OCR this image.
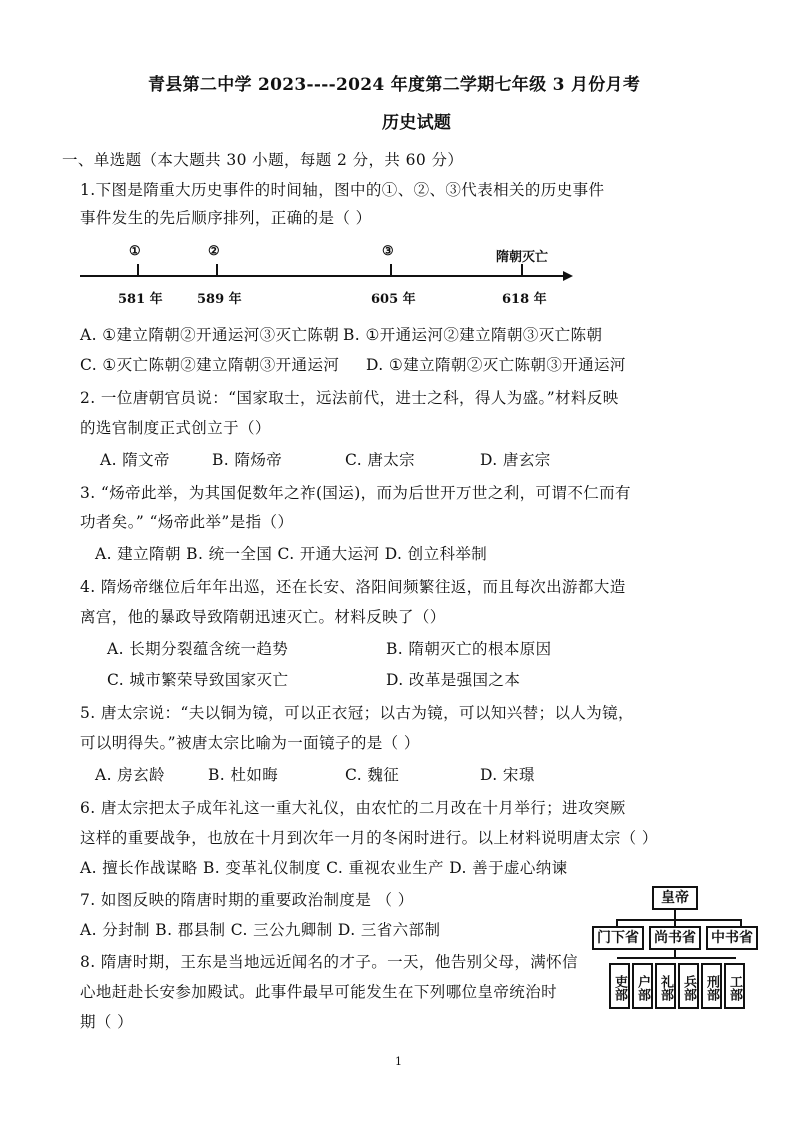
青县第二中学 2023----2024 年度第二学期七年级 3 月份月考
历史试题
一、单选题（本大题共 30 小题，每题 2 分，共 60 分）
1.下图是隋重大历史事件的时间轴，图中的①、②、③代表相关的历史事件
事件发生的先后顺序排列，正确的是（ ）
①	②	③	隋朝灭亡
581 年	589 年	605 年	618 年
A. ①建立隋朝②开通运河③灭亡陈朝 B. ①开通运河②建立隋朝③灭亡陈朝
C. ①灭亡陈朝②建立隋朝③开通运河 D. ①建立隋朝②灭亡陈朝③开通运河
2. 一位唐朝官员说：“国家取士，远法前代，进士之科，得人为盛。”材料反映
的选官制度正式创立于（）
A. 隋文帝	B. 隋炀帝	C. 唐太宗	D. 唐玄宗
3. “炀帝此举，为其国促数年之祚(国运)，而为后世开万世之利，可谓不仁而有
功者矣。” “炀帝此举”是指（）
A. 建立隋朝 B. 统一全国 C. 开通大运河 D. 创立科举制
4. 隋炀帝继位后年年出巡，还在长安、洛阳间频繁往返，而且每次出游都大造
离宫，他的暴政导致隋朝迅速灭亡。材料反映了（）
A. 长期分裂蕴含统一趋势	B. 隋朝灭亡的根本原因
C. 城市繁荣导致国家灭亡	D. 改革是强国之本
5. 唐太宗说：“夫以铜为镜，可以正衣冠；以古为镜，可以知兴替；以人为镜，
可以明得失。”被唐太宗比喻为一面镜子的是（ ）
A. 房玄龄	B. 杜如晦	C. 魏征	D. 宋璟
6. 唐太宗把太子成年礼这一重大礼仪，由农忙的二月改在十月举行；进攻突厥
这样的重要战争，也放在十月到次年一月的冬闲时进行。以上材料说明唐太宗（ ）
A. 擅长作战谋略 B. 变革礼仪制度 C. 重视农业生产 D. 善于虚心纳谏
7. 如图反映的隋唐时期的重要政治制度是 （ ）
A. 分封制 B. 郡县制 C. 三公九卿制 D. 三省六部制
8. 隋唐时期，王东是当地远近闻名的才子。一天，他告别父母，满怀信
心地赶赴长安参加殿试。此事件最早可能发生在下列哪位皇帝统治时
期（ ）
皇帝
门下省	尚书省	中书省
吏部 户部 礼部 兵部 刑部 工部
1
